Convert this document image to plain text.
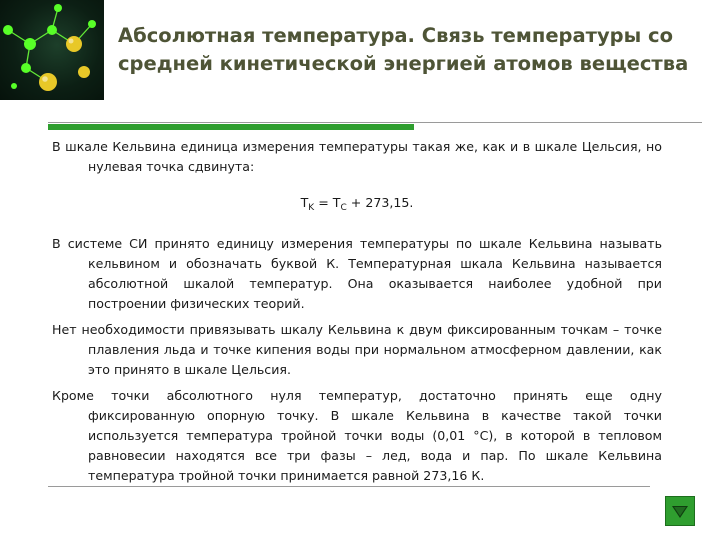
Абсолютная температура. Связь температуры со средней кинетической энергией атомов вещества

В шкале Кельвина единица измерения температуры такая же, как и в шкале Цельсия, но нулевая точка сдвинута:

$T_K = T_C + 273,15$.

В системе СИ принято единицу измерения температуры по шкале Кельвина называть кельвином и обозначать буквой К. Температурная шкала Кельвина называется абсолютной шкалой температур. Она оказывается наиболее удобной при построении физических теорий.

Нет необходимости привязывать шкалу Кельвина к двум фиксированным точкам – точке плавления льда и точке кипения воды при нормальном атмосферном давлении, как это принято в шкале Цельсия.

Кроме точки абсолютного нуля температур, достаточно принять еще одну фиксированную опорную точку. В шкале Кельвина в качестве такой точки используется температура тройной точки воды (0,01 °С), в которой в тепловом равновесии находятся все три фазы – лед, вода и пар. По шкале Кельвина температура тройной точки принимается равной 273,16 К.
